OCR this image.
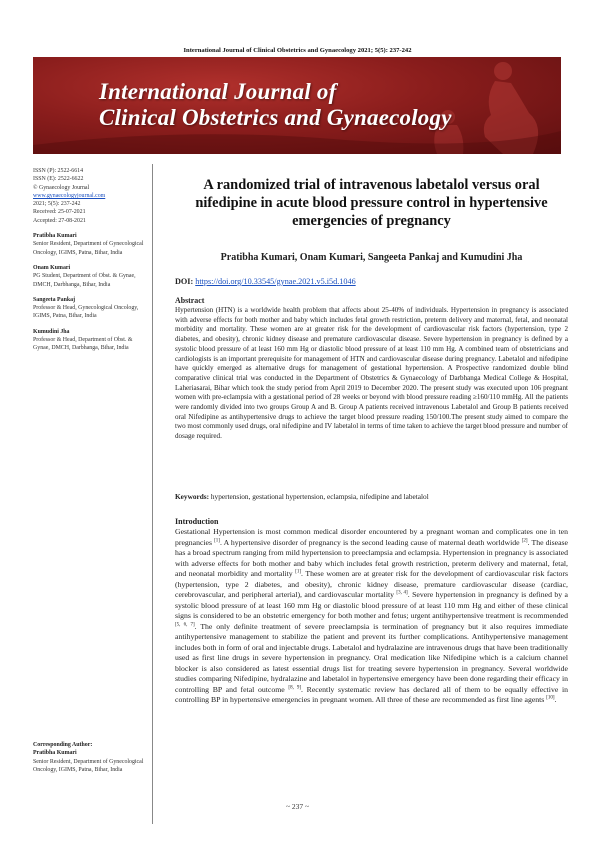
International Journal of Clinical Obstetrics and Gynaecology 2021; 5(5): 237-242
International Journal of
Clinical Obstetrics and Gynaecology

ISSN (P): 2522-6614

ISSN (E): 2522-6622

© Gynaecology Journal

www.gynaecologyjournal.com

2021; 5(5): 237-242

Received: 25-07-2021

Accepted: 27-08-2021

Pratibha Kumari

Senior Resident, Department of Gynecological Oncology, IGIMS, Patna, Bihar, India

Onam Kumari

PG Student, Department of Obst. & Gynae, DMCH, Darbhanga, Bihar, India

Sangeeta Pankaj

Professor & Head, Gynecological Oncology, IGIMS, Patna, Bihar, India

Kumudini Jha

Professor & Head, Department of Obst. & Gynae, DMCH, Darbhanga, Bihar, India

Corresponding Author:

Pratibha Kumari

Senior Resident, Department of Gynecological Oncology, IGIMS, Patna, Bihar, India

A randomized trial of intravenous labetalol versus oral nifedipine in acute blood pressure control in hypertensive emergencies of pregnancy
Pratibha Kumari, Onam Kumari, Sangeeta Pankaj and Kumudini Jha
DOI: https://doi.org/10.33545/gynae.2021.v5.i5d.1046
Abstract
Hypertension (HTN) is a worldwide health problem that affects about 25-40% of individuals. Hypertension in pregnancy is associated with adverse effects for both mother and baby which includes fetal growth restriction, preterm delivery and maternal, fetal, and neonatal morbidity and mortality. These women are at greater risk for the development of cardiovascular risk factors (hypertension, type 2 diabetes, and obesity), chronic kidney disease and premature cardiovascular disease. Severe hypertension in pregnancy is defined by a systolic blood pressure of at least 160 mm Hg or diastolic blood pressure of at least 110 mm Hg. A combined team of obstetricians and cardiologists is an important prerequisite for management of HTN and cardiovascular disease during pregnancy. Labetalol and nifedipine have quickly emerged as alternative drugs for management of gestational hypertension. A Prospective randomized double blind comparative clinical trial was conducted in the Department of Obstetrics & Gynaecology of Darbhanga Medical College & Hospital, Laheriasarai, Bihar which took the study period from April 2019 to December 2020. The present study was executed upon 106 pregnant women with pre-eclampsia with a gestational period of 28 weeks or beyond with blood pressure reading ≥160/110 mmHg. All the patients were randomly divided into two groups Group A and B. Group A patients received intravenous Labetalol and Group B patients received oral Nifedipine as antihypertensive drugs to achieve the target blood pressure reading 150/100.The present study aimed to compare the two most commonly used drugs, oral nifedipine and IV labetalol in terms of time taken to achieve the target blood pressure and number of dosage required.
Keywords: hypertension, gestational hypertension, eclampsia, nifedipine and labetalol
Introduction
Gestational Hypertension is most common medical disorder encountered by a pregnant woman and complicates one in ten pregnancies [1]. A hypertensive disorder of pregnancy is the second leading cause of maternal death worldwide [2]. The disease has a broad spectrum ranging from mild hypertension to preeclampsia and eclampsia. Hypertension in pregnancy is associated with adverse effects for both mother and baby which includes fetal growth restriction, preterm delivery and maternal, fetal, and neonatal morbidity and mortality [1]. These women are at greater risk for the development of cardiovascular risk factors (hypertension, type 2 diabetes, and obesity), chronic kidney disease, premature cardiovascular disease (cardiac, cerebrovascular, and peripheral arterial), and cardiovascular mortality [3, 4]. Severe hypertension in pregnancy is defined by a systolic blood pressure of at least 160 mm Hg or diastolic blood pressure of at least 110 mm Hg and either of these clinical signs is considered to be an obstetric emergency for both mother and fetus; urgent antihypertensive treatment is recommended [5, 6, 7]. The only definite treatment of severe preeclampsia is termination of pregnancy but it also requires immediate antihypertensive management to stabilize the patient and prevent its further complications. Antihypertensive management includes both in form of oral and injectable drugs. Labetalol and hydralazine are intravenous drugs that have been traditionally used as first line drugs in severe hypertension in pregnancy. Oral medication like Nifedipine which is a calcium channel blocker is also considered as latest essential drugs list for treating severe hypertension in pregnancy. Several worldwide studies comparing Nifedipine, hydralazine and labetalol in hypertensive emergency have been done regarding their efficacy in controlling BP and fetal outcome [8, 9]. Recently systematic review has declared all of them to be equally effective in controlling BP in hypertensive emergencies in pregnant women. All three of these are recommended as first line agents [10].
~ 237 ~
